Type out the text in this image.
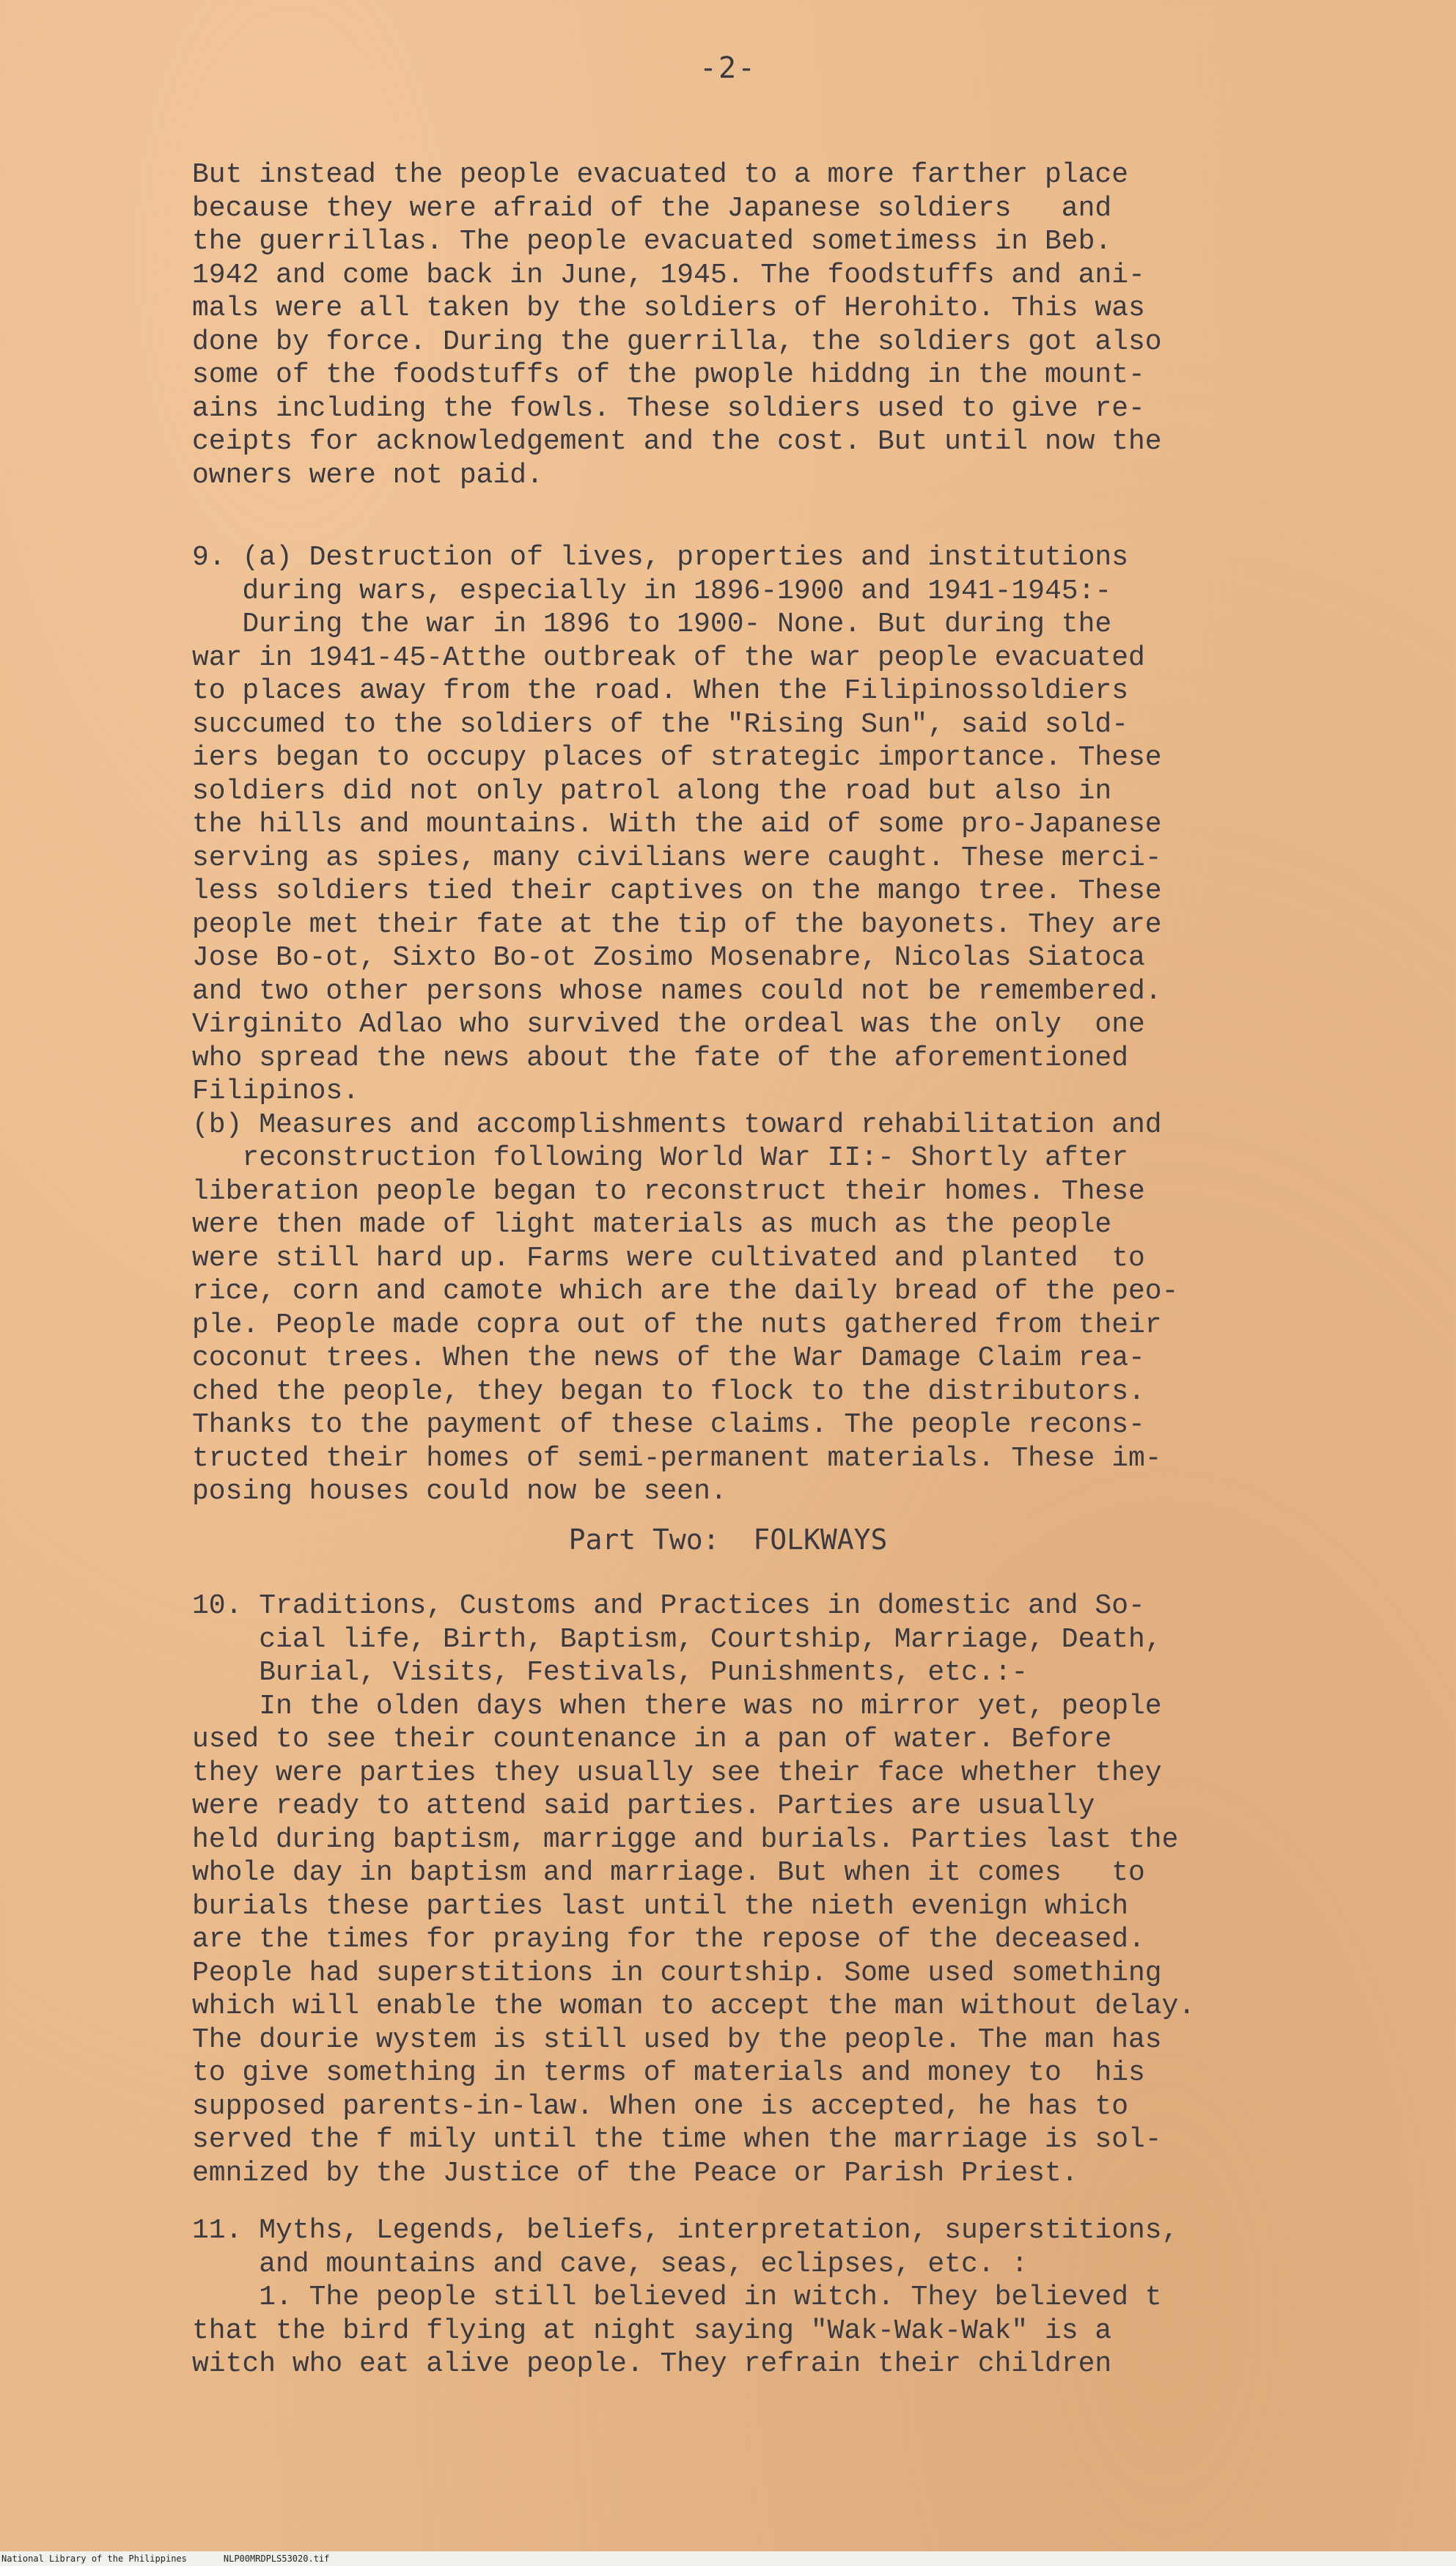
-2-
But instead the people evacuated to a more farther place
because they were afraid of the Japanese soldiers   and
the guerrillas. The people evacuated sometimess in Beb.
1942 and come back in June, 1945. The foodstuffs and ani-
mals were all taken by the soldiers of Herohito. This was
done by force. During the guerrilla, the soldiers got also
some of the foodstuffs of the pwople hiddng in the mount-
ains including the fowls. These soldiers used to give re-
ceipts for acknowledgement and the cost. But until now the
owners were not paid.
9. (a) Destruction of lives, properties and institutions
during wars, especially in 1896-1900 and 1941-1945:-
During the war in 1896 to 1900- None. But during the
war in 1941-45-Atthe outbreak of the war people evacuated
to places away from the road. When the Filipinossoldiers
succumed to the soldiers of the "Rising Sun", said sold-
iers began to occupy places of strategic importance. These
soldiers did not only patrol along the road but also in
the hills and mountains. With the aid of some pro-Japanese
serving as spies, many civilians were caught. These merci-
less soldiers tied their captives on the mango tree. These
people met their fate at the tip of the bayonets. They are
Jose Bo-ot, Sixto Bo-ot Zosimo Mosenabre, Nicolas Siatoca
and two other persons whose names could not be remembered.
Virginito Adlao who survived the ordeal was the only  one
who spread the news about the fate of the aforementioned
Filipinos.
(b) Measures and accomplishments toward rehabilitation and
reconstruction following World War II:- Shortly after
liberation people began to reconstruct their homes. These
were then made of light materials as much as the people
were still hard up. Farms were cultivated and planted  to
rice, corn and camote which are the daily bread of the peo-
ple. People made copra out of the nuts gathered from their
coconut trees. When the news of the War Damage Claim rea-
ched the people, they began to flock to the distributors.
Thanks to the payment of these claims. The people recons-
tructed their homes of semi-permanent materials. These im-
posing houses could now be seen.
Part Two:  FOLKWAYS
10. Traditions, Customs and Practices in domestic and So-
cial life, Birth, Baptism, Courtship, Marriage, Death,
Burial, Visits, Festivals, Punishments, etc.:-
In the olden days when there was no mirror yet, people
used to see their countenance in a pan of water. Before
they were parties they usually see their face whether they
were ready to attend said parties. Parties are usually
held during baptism, marrigge and burials. Parties last the
whole day in baptism and marriage. But when it comes   to
burials these parties last until the nieth evenign which
are the times for praying for the repose of the deceased.
People had superstitions in courtship. Some used something
which will enable the woman to accept the man without delay.
The dourie wystem is still used by the people. The man has
to give something in terms of materials and money to  his
supposed parents-in-law. When one is accepted, he has to
served the f mily until the time when the marriage is sol-
emnized by the Justice of the Peace or Parish Priest.
11. Myths, Legends, beliefs, interpretation, superstitions,
and mountains and cave, seas, eclipses, etc. :
1. The people still believed in witch. They believed t
that the bird flying at night saying "Wak-Wak-Wak" is a
witch who eat alive people. They refrain their children
National Library of the Philippines	NLP00MRDPLS53020.tif
